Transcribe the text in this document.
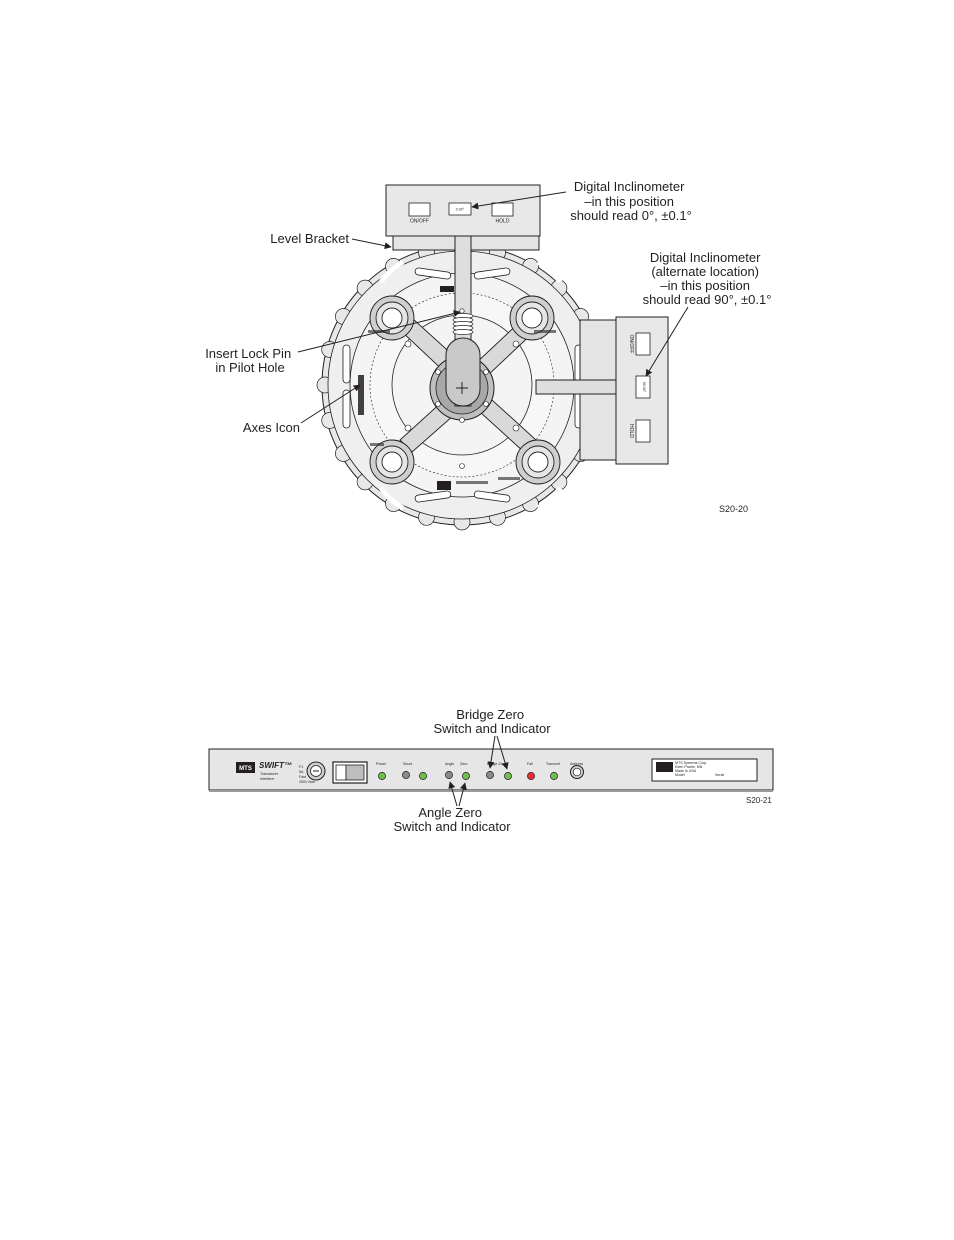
ON/OFF
0.00°
HOLD
ON/OFF
90.00°
HOLD
Digital Inclinometer –in this position should read 0°, ±0.1°
Level Bracket
Digital Inclinometer (alternate location) –in this position should read 90°, ±0.1°
Insert Lock Pin in Pilot Hole
Axes Icon
S20-20
MTS SWIFT™
Transducer
Interface
F1
5A
Fast
250V Max
Power	Shunt	Angle Zero	Bridge Zero	Fail	Transmit	Address	MTS Systems Corp.
Eden Prairie, MN
Made in USA
Model	Serial
Bridge Zero Switch and Indicator
Angle Zero Switch and Indicator
S20-21
